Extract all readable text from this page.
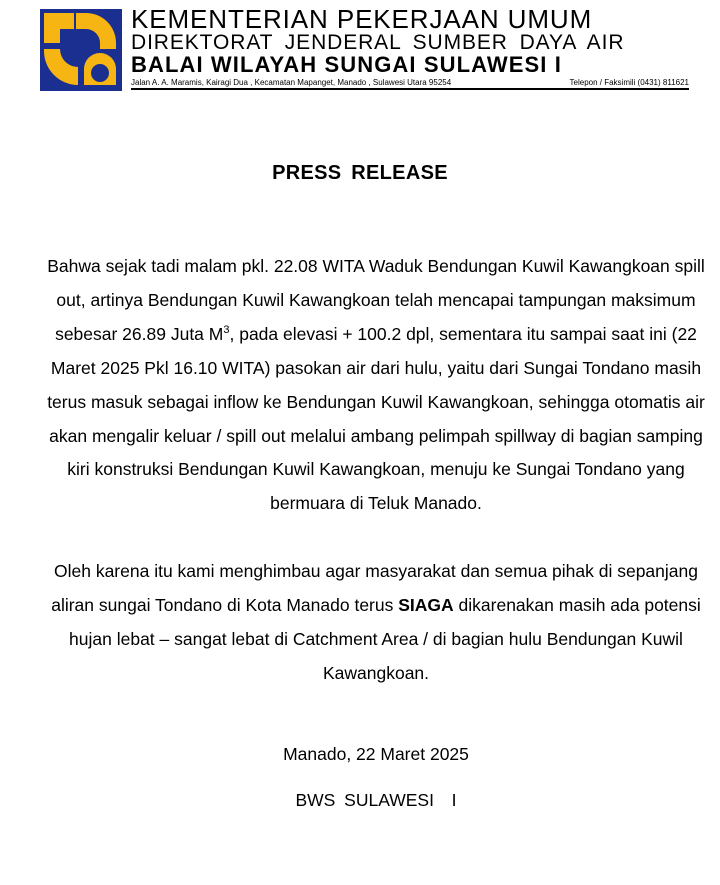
KEMENTERIAN PEKERJAAN UMUM
DIREKTORAT JENDERAL SUMBER DAYA AIR
BALAI WILAYAH SUNGAI SULAWESI I
Jalan A. A. Maramis, Kairagi Dua , Kecamatan Mapanget, Manado , Sulawesi Utara 95254	Telepon / Faksimili (0431) 811621
PRESS RELEASE
Bahwa sejak tadi malam pkl. 22.08 WITA Waduk Bendungan Kuwil Kawangkoan spill out, artinya Bendungan Kuwil Kawangkoan telah mencapai tampungan maksimum sebesar 26.89 Juta $M^3$, pada elevasi + 100.2 dpl, sementara itu sampai saat ini (22 Maret 2025 Pkl 16.10 WITA) pasokan air dari hulu, yaitu dari Sungai Tondano masih terus masuk sebagai inflow ke Bendungan Kuwil Kawangkoan, sehingga otomatis air akan mengalir keluar / spill out melalui ambang pelimpah spillway di bagian samping kiri konstruksi Bendungan Kuwil Kawangkoan, menuju ke Sungai Tondano yang bermuara di Teluk Manado.
Oleh karena itu kami menghimbau agar masyarakat dan semua pihak di sepanjang aliran sungai Tondano di Kota Manado terus SIAGA dikarenakan masih ada potensi hujan lebat – sangat lebat di Catchment Area / di bagian hulu Bendungan Kuwil Kawangkoan.
Manado, 22 Maret 2025
BWS SULAWESI  I
